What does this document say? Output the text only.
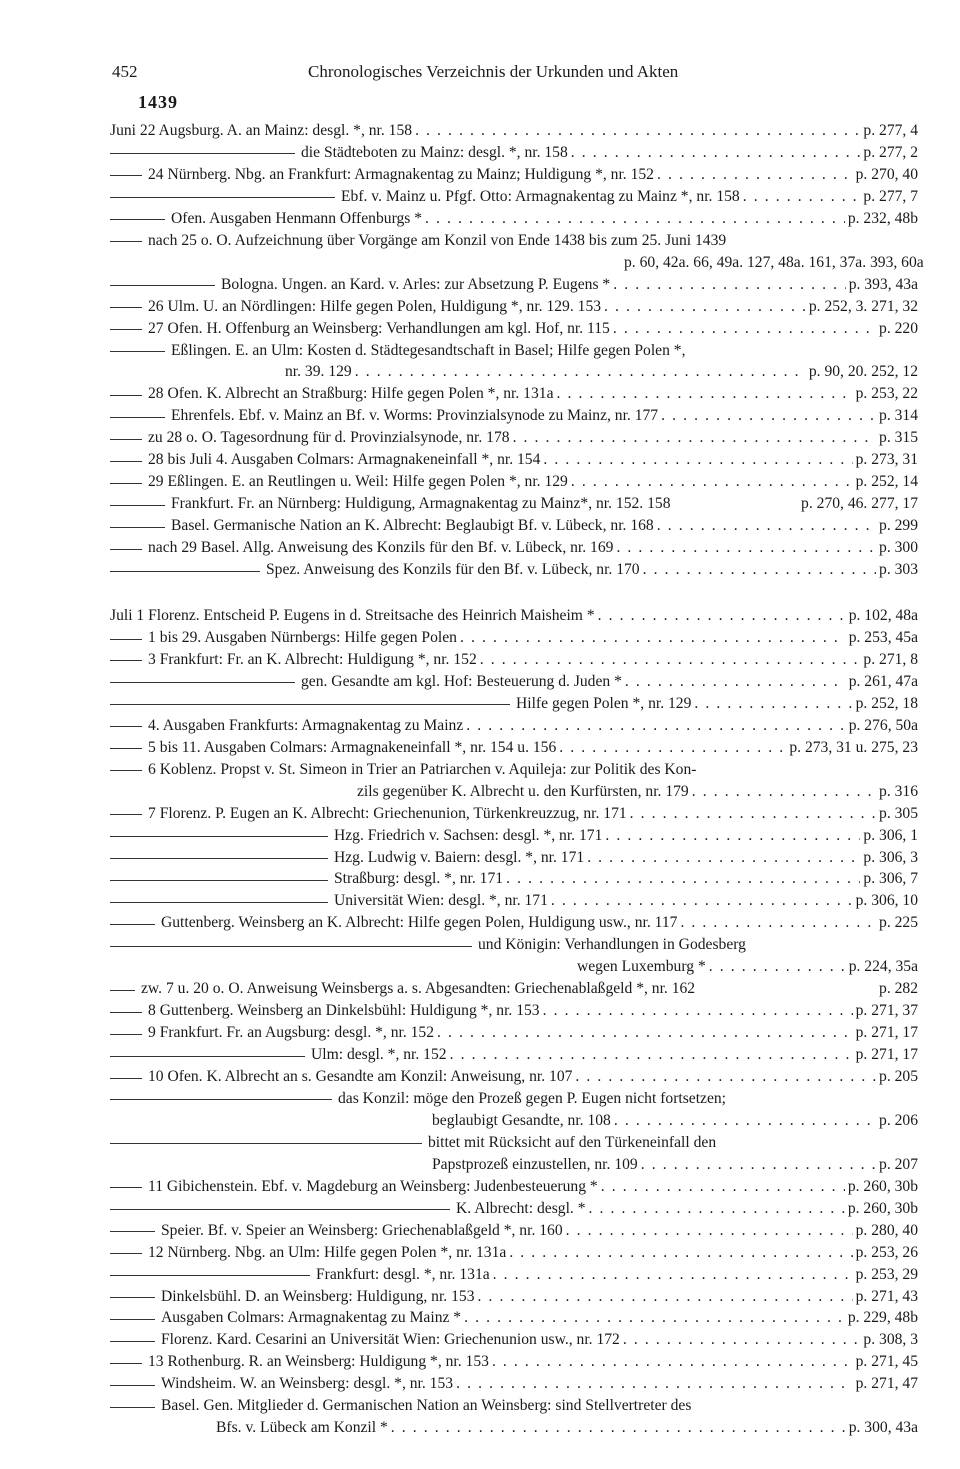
452	Chronologisches Verzeichnis der Urkunden und Akten
1439
Juni 22 Augsburg. A. an Mainz: desgl. *, nr. 158 . . .	p. 277, 4
die Städteboten zu Mainz: desgl. *, nr. 158 . . .	p. 277, 2
24 Nürnberg. Nbg. an Frankfurt: Armagnakentag zu Mainz; Huldigung *, nr. 152 . . .	p. 270, 40
Ebf. v. Mainz u. Pfgf. Otto: Armagnakentag zu Mainz *, nr. 158 . . .	p. 277, 7
Ofen. Ausgaben Henmann Offenburgs * . . .	p. 232, 48b
nach 25 o. O. Aufzeichnung über Vorgänge am Konzil von Ende 1438 bis zum 25. Juni 1439
p. 60, 42a. 66, 49a. 127, 48a. 161, 37a. 393, 60a
Bologna. Ungen. an Kard. v. Arles: zur Absetzung P. Eugens * . . .	p. 393, 43a
26 Ulm. U. an Nördlingen: Hilfe gegen Polen, Huldigung *, nr. 129. 153 . . .	p. 252, 3. 271, 32
27 Ofen. H. Offenburg an Weinsberg: Verhandlungen am kgl. Hof, nr. 115 . . .	p. 220
Eßlingen. E. an Ulm: Kosten d. Städtegesandtschaft in Basel; Hilfe gegen Polen *,
nr. 39. 129 . . .	p. 90, 20. 252, 12
28 Ofen. K. Albrecht an Straßburg: Hilfe gegen Polen *, nr. 131a . . .	p. 253, 22
Ehrenfels. Ebf. v. Mainz an Bf. v. Worms: Provinzialsynode zu Mainz, nr. 177 . . .	p. 314
zu 28 o. O. Tagesordnung für d. Provinzialsynode, nr. 178 . . .	p. 315
28 bis Juli 4. Ausgaben Colmars: Armagnakeneinfall *, nr. 154 . . .	p. 273, 31
29 Eßlingen. E. an Reutlingen u. Weil: Hilfe gegen Polen *, nr. 129 . . .	p. 252, 14
Frankfurt. Fr. an Nürnberg: Huldigung, Armagnakentag zu Mainz*, nr. 152. 158	p. 270, 46. 277, 17
Basel. Germanische Nation an K. Albrecht: Beglaubigt Bf. v. Lübeck, nr. 168 . . .	p. 299
nach 29 Basel. Allg. Anweisung des Konzils für den Bf. v. Lübeck, nr. 169 . . .	p. 300
Spez. Anweisung des Konzils für den Bf. v. Lübeck, nr. 170 . . .	p. 303
Juli 1 Florenz. Entscheid P. Eugens in d. Streitsache des Heinrich Maisheim * . . .	p. 102, 48a
1 bis 29. Ausgaben Nürnbergs: Hilfe gegen Polen . . .	p. 253, 45a
3 Frankfurt: Fr. an K. Albrecht: Huldigung *, nr. 152 . . .	p. 271, 8
gen. Gesandte am kgl. Hof: Besteuerung d. Juden * . . .	p. 261, 47a
Hilfe gegen Polen *, nr. 129 . . .	p. 252, 18
4. Ausgaben Frankfurts: Armagnakentag zu Mainz . . .	p. 276, 50a
5 bis 11. Ausgaben Colmars: Armagnakeneinfall *, nr. 154 u. 156 . . .	p. 273, 31 u. 275, 23
6 Koblenz. Propst v. St. Simeon in Trier an Patriarchen v. Aquileja: zur Politik des Kon-
zils gegenüber K. Albrecht u. den Kurfürsten, nr. 179 . . .	p. 316
7 Florenz. P. Eugen an K. Albrecht: Griechenunion, Türkenkreuzzug, nr. 171 . . .	p. 305
Hzg. Friedrich v. Sachsen: desgl. *, nr. 171 . . .	p. 306, 1
Hzg. Ludwig v. Baiern: desgl. *, nr. 171 . . .	p. 306, 3
Straßburg: desgl. *, nr. 171 . . .	p. 306, 7
Universität Wien: desgl. *, nr. 171 . . .	p. 306, 10
Guttenberg. Weinsberg an K. Albrecht: Hilfe gegen Polen, Huldigung usw., nr. 117 . . .	p. 225
und Königin: Verhandlungen in Godesberg
wegen Luxemburg * . . .	p. 224, 35a
zw. 7 u. 20 o. O. Anweisung Weinsbergs a. s. Abgesandten: Griechenablaßgeld *, nr. 162	p. 282
8 Guttenberg. Weinsberg an Dinkelsbühl: Huldigung *, nr. 153 . . .	p. 271, 37
9 Frankfurt. Fr. an Augsburg: desgl. *, nr. 152 . . .	p. 271, 17
Ulm: desgl. *, nr. 152 . . .	p. 271, 17
10 Ofen. K. Albrecht an s. Gesandte am Konzil: Anweisung, nr. 107 . . .	p. 205
das Konzil: möge den Prozeß gegen P. Eugen nicht fortsetzen;
beglaubigt Gesandte, nr. 108 . . .	p. 206
bittet mit Rücksicht auf den Türkeneinfall den
Papstprozeß einzustellen, nr. 109 . . .	p. 207
11 Gibichenstein. Ebf. v. Magdeburg an Weinsberg: Judenbesteuerung * . . .	p. 260, 30b
K. Albrecht: desgl. * . . .	p. 260, 30b
Speier. Bf. v. Speier an Weinsberg: Griechenablaßgeld *, nr. 160 . . .	p. 280, 40
12 Nürnberg. Nbg. an Ulm: Hilfe gegen Polen *, nr. 131a . . .	p. 253, 26
Frankfurt: desgl. *, nr. 131a . . .	p. 253, 29
Dinkelsbühl. D. an Weinsberg: Huldigung, nr. 153 . . .	p. 271, 43
Ausgaben Colmars: Armagnakentag zu Mainz * . . .	p. 229, 48b
Florenz. Kard. Cesarini an Universität Wien: Griechenunion usw., nr. 172 . . .	p. 308, 3
13 Rothenburg. R. an Weinsberg: Huldigung *, nr. 153 . . .	p. 271, 45
Windsheim. W. an Weinsberg: desgl. *, nr. 153 . . .	p. 271, 47
Basel. Gen. Mitglieder d. Germanischen Nation an Weinsberg: sind Stellvertreter des
Bfs. v. Lübeck am Konzil * . . .	p. 300, 43a
